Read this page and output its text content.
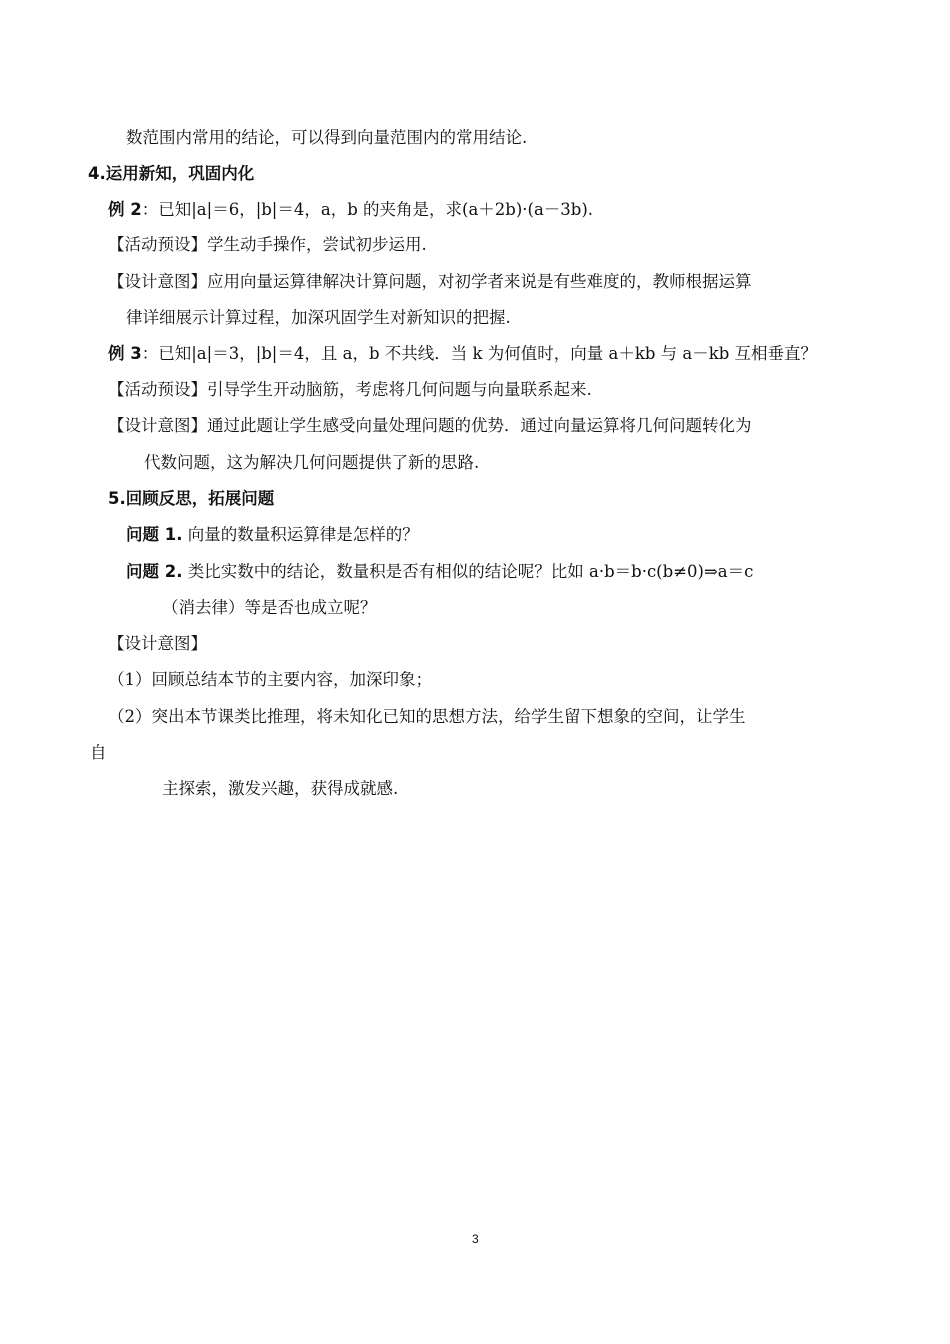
数范围内常用的结论，可以得到向量范围内的常用结论.
4.运用新知，巩固内化
例 2：已知|a|＝6，|b|＝4，a，b 的夹角是，求(a＋2b)·(a－3b).
【活动预设】学生动手操作，尝试初步运用.
【设计意图】应用向量运算律解决计算问题，对初学者来说是有些难度的，教师根据运算
律详细展示计算过程，加深巩固学生对新知识的把握.
例 3：已知|a|＝3，|b|＝4，且 a，b 不共线．当 k 为何值时，向量 a＋kb 与 a－kb 互相垂直？
【活动预设】引导学生开动脑筋，考虑将几何问题与向量联系起来.
【设计意图】通过此题让学生感受向量处理问题的优势．通过向量运算将几何问题转化为
代数问题，这为解决几何问题提供了新的思路.
5.回顾反思，拓展问题
问题 1. 向量的数量积运算律是怎样的？
问题 2. 类比实数中的结论，数量积是否有相似的结论呢？比如 a·b＝b·c(b≠0)⇒a＝c
（消去律）等是否也成立呢？
【设计意图】
（1）回顾总结本节的主要内容，加深印象；
（2）突出本节课类比推理，将未知化已知的思想方法，给学生留下想象的空间，让学生
自
主探索，激发兴趣，获得成就感.
3
